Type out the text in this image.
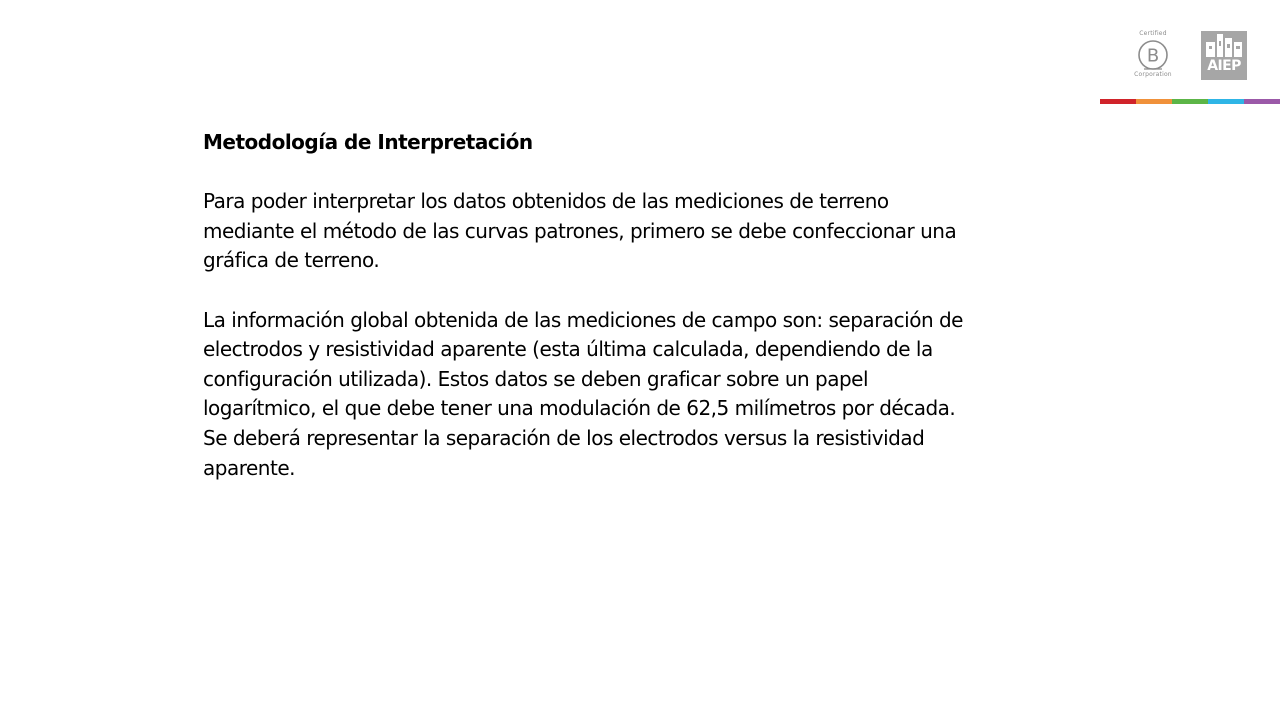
Certified
B
Corporation
AIEP
Metodología de Interpretación
Para poder interpretar los datos obtenidos de las mediciones de terreno
mediante el método de las curvas patrones, primero se debe confeccionar una
gráfica de terreno.
La información global obtenida de las mediciones de campo son: separación de
electrodos y resistividad aparente (esta última calculada, dependiendo de la
configuración utilizada). Estos datos se deben graficar sobre un papel
logarítmico, el que debe tener una modulación de 62,5 milímetros por década.
Se deberá representar la separación de los electrodos versus la resistividad
aparente.
